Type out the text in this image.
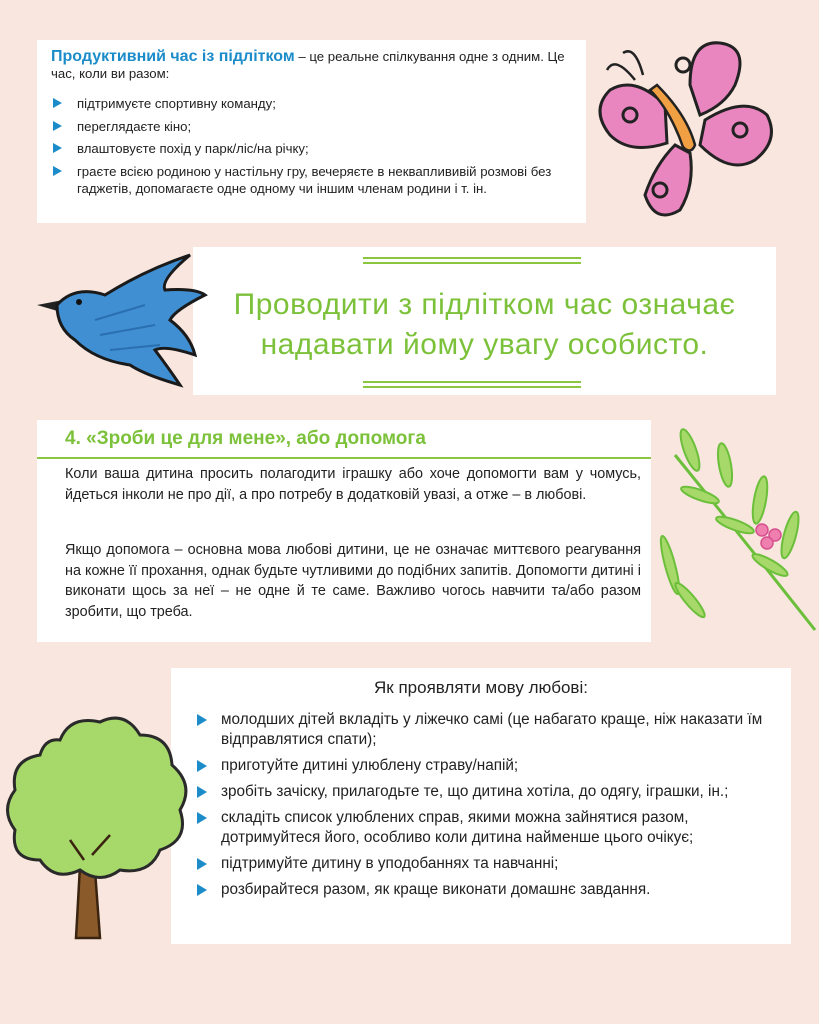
Продуктивний час із підлітком – це реальне спілкування одне з одним. Це час, коли ви разом:
підтримуєте спортивну команду;
переглядаєте кіно;
влаштовуєте похід у парк/ліс/на річку;
граєте всією родиною у настільну гру, вечеряєте в некваплививій розмові без гаджетів, допомагаєте одне одному чи іншим членам родини і т. ін.
Проводити з підлітком час означає
надавати йому увагу особисто.
4. «Зроби це для мене», або допомога
Коли ваша дитина просить полагодити іграшку або хоче допомогти вам у чомусь, йдеться інколи не про дії, а про потребу в додатковій увазі, а отже – в любові.
Якщо допомога – основна мова любові дитини, це не означає миттєвого реагування на кожне її прохання, однак будьте чутливими до подібних запитів. Допомогти дитині і виконати щось за неї – не одне й те саме. Важливо чогось навчити та/або разом зробити, що треба.
Як проявляти мову любові:
молодших дітей вкладіть у ліжечко самі (це набагато краще, ніж наказати їм відправлятися спати);
приготуйте дитині улюблену страву/напій;
зробіть зачіску, прилагодьте те, що дитина хотіла, до одягу, іграшки, ін.;
складіть список улюблених справ, якими можна зайнятися разом, дотримуйтеся його, особливо коли дитина найменше цього очікує;
підтримуйте дитину в уподобаннях та навчанні;
розбирайтеся разом, як краще виконати домашнє завдання.
